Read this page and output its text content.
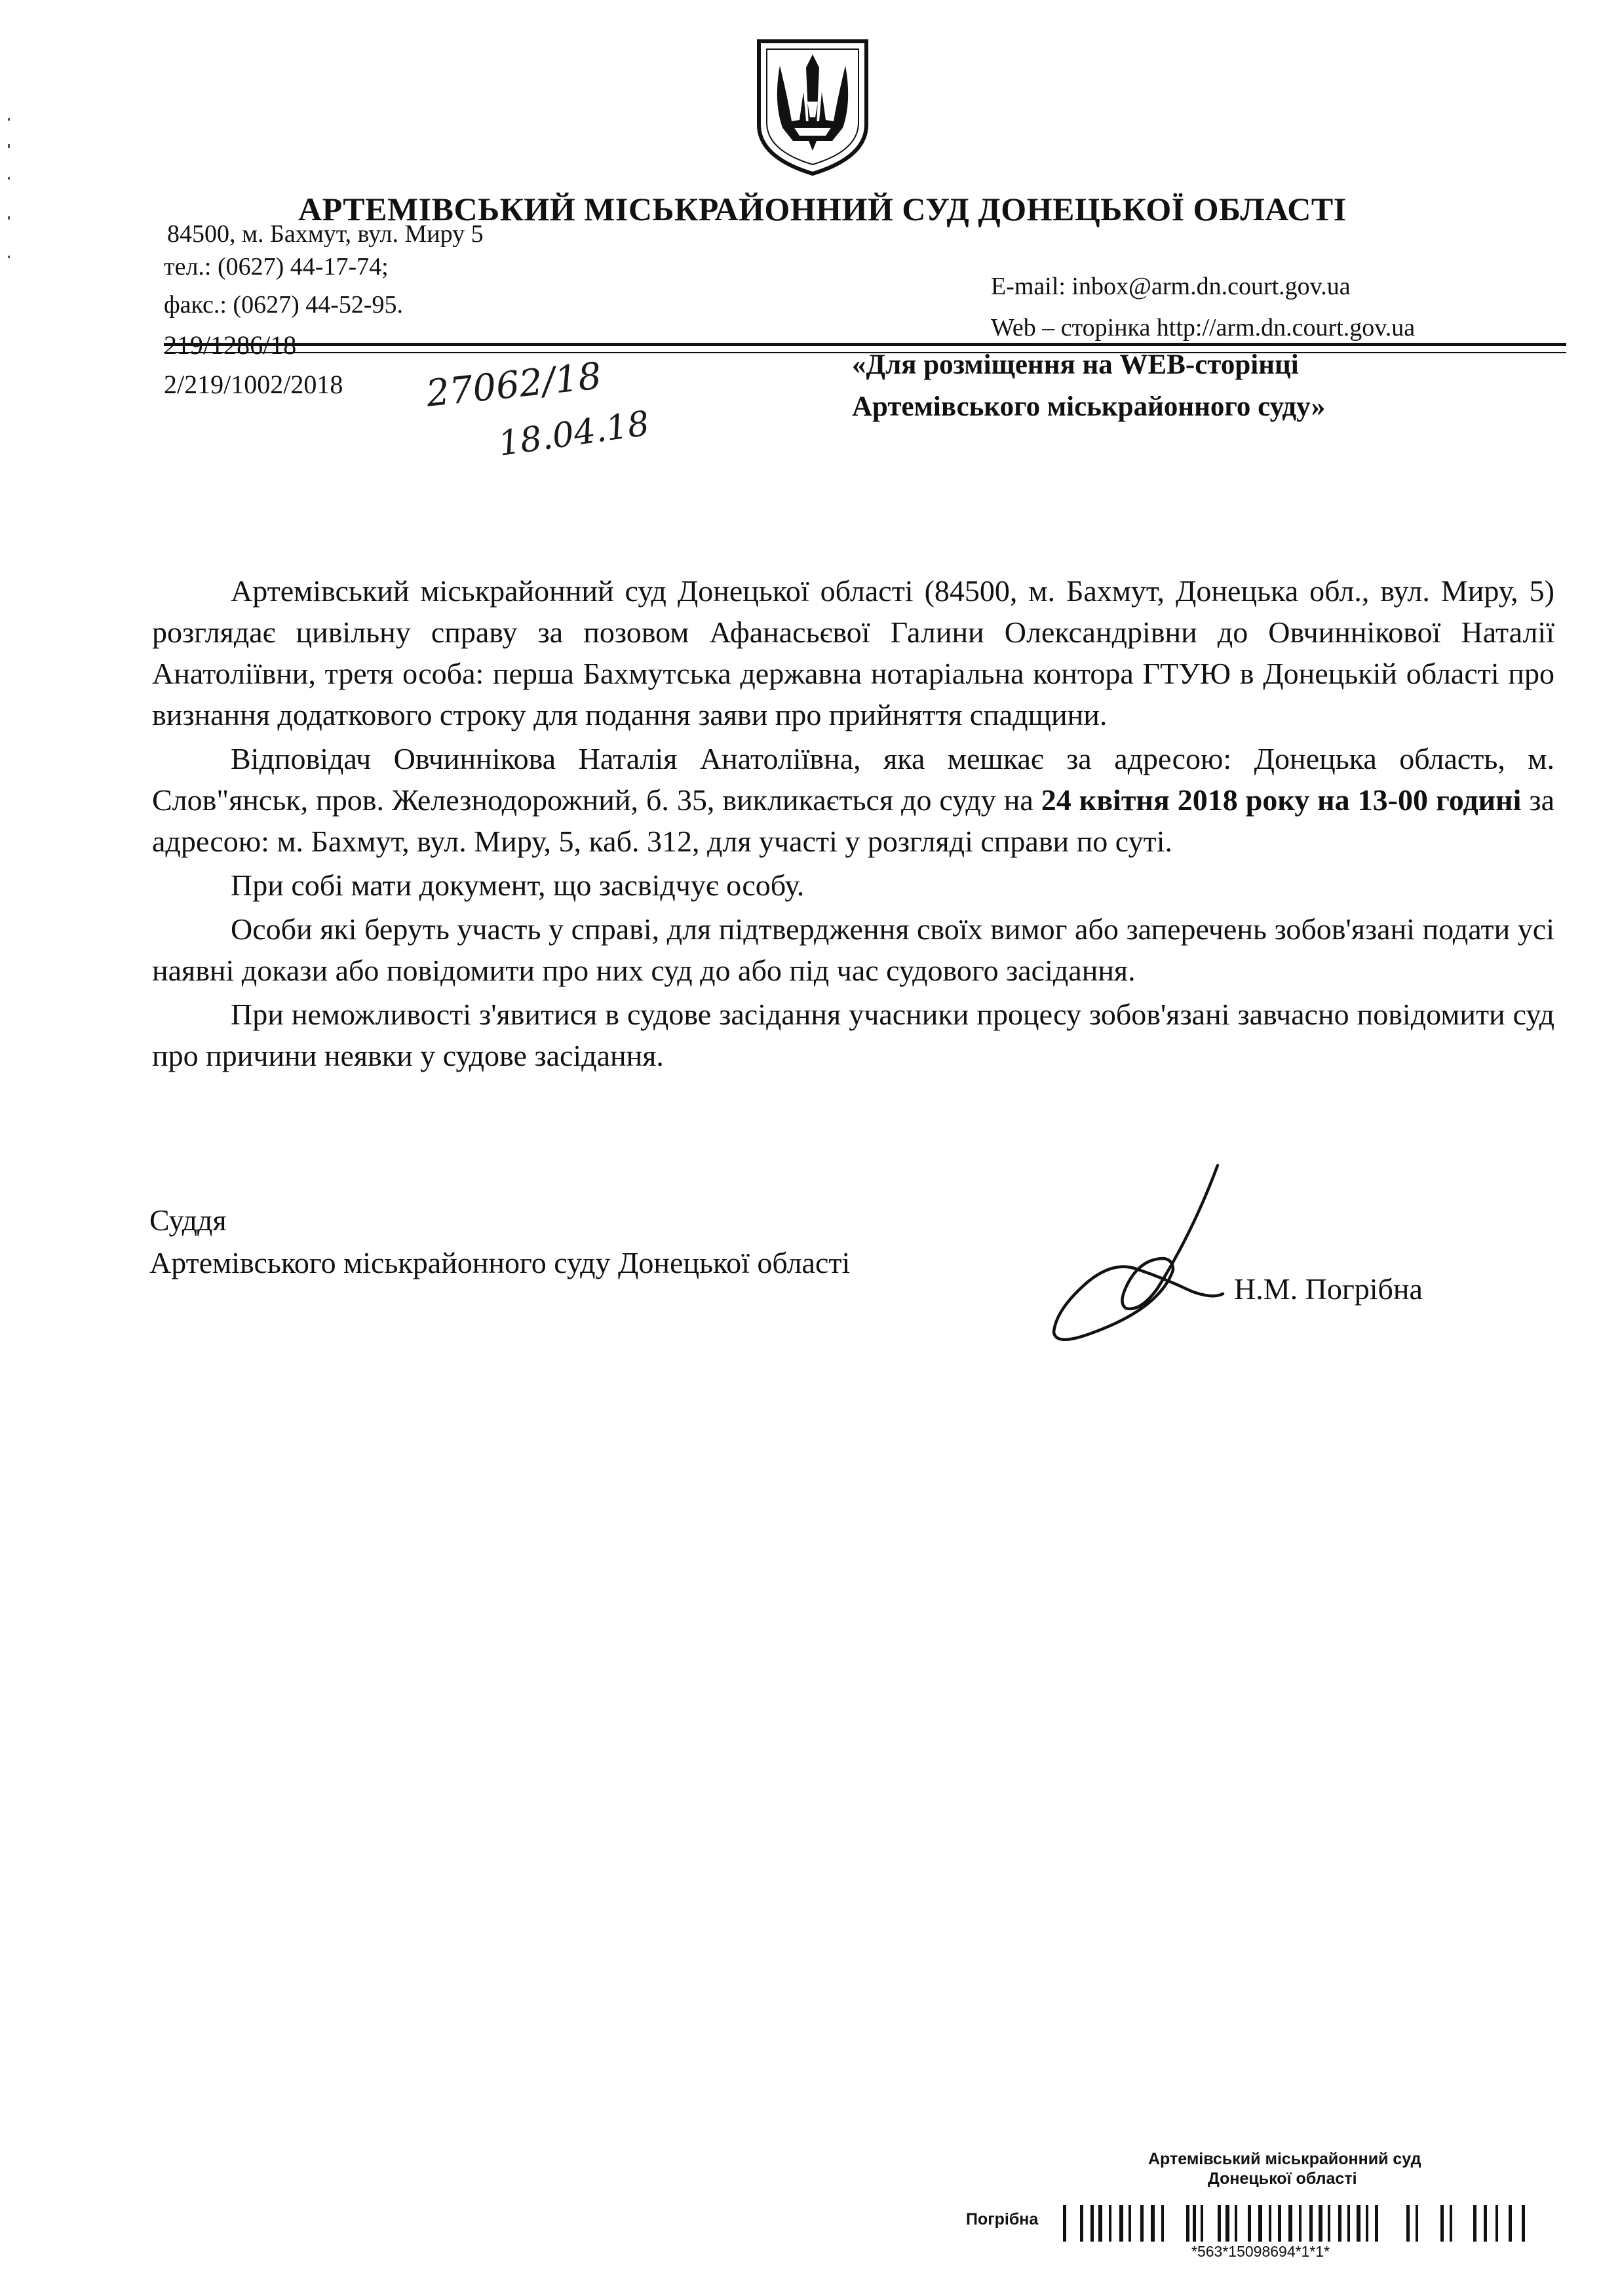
АРТЕМІВСЬКИЙ МІСЬКРАЙОННИЙ СУД ДОНЕЦЬКОЇ ОБЛАСТІ
84500, м. Бахмут, вул. Миру 5
тел.: (0627) 44-17-74;
факс.: (0627) 44-52-95.
E-mail: inbox@arm.dn.court.gov.ua
Web – сторінка http://arm.dn.court.gov.ua
219/1286/18
2/219/1002/2018 27062/18
18.04.18
«Для розміщення на WEB-сторінці
Артемівського міськрайонного суду»

Артемівський міськрайонний суд Донецької області (84500, м. Бахмут, Донецька обл., вул. Миру, 5) розглядає цивільну справу за позовом Афанасьєвої Галини Олександрівни до Овчиннікової Наталії Анатоліївни, третя особа: перша Бахмутська державна нотаріальна контора ГТУЮ в Донецькій області про визнання додаткового строку для подання заяви про прийняття спадщини.

Відповідач Овчиннікова Наталія Анатоліївна, яка мешкає за адресою: Донецька область, м. Слов"янськ, пров. Железнодорожний, б. 35, викликається до суду на 24 квітня 2018 року на 13-00 годині за адресою: м. Бахмут, вул. Миру, 5, каб. 312, для участі у розгляді справи по суті.

При собі мати документ, що засвідчує особу.

Особи які беруть участь у справі, для підтвердження своїх вимог або заперечень зобов'язані подати усі наявні докази або повідомити про них суд до або під час судового засідання.

При неможливості з'явитися в судове засідання учасники процесу зобов'язані завчасно повідомити суд про причини неявки у судове засідання.

Суддя
Артемівського міськрайонного суду Донецької області
Н.М. Погрібна
Артемівський міськрайонний суд
Донецької області
Погрібна
*563*15098694*1*1*
